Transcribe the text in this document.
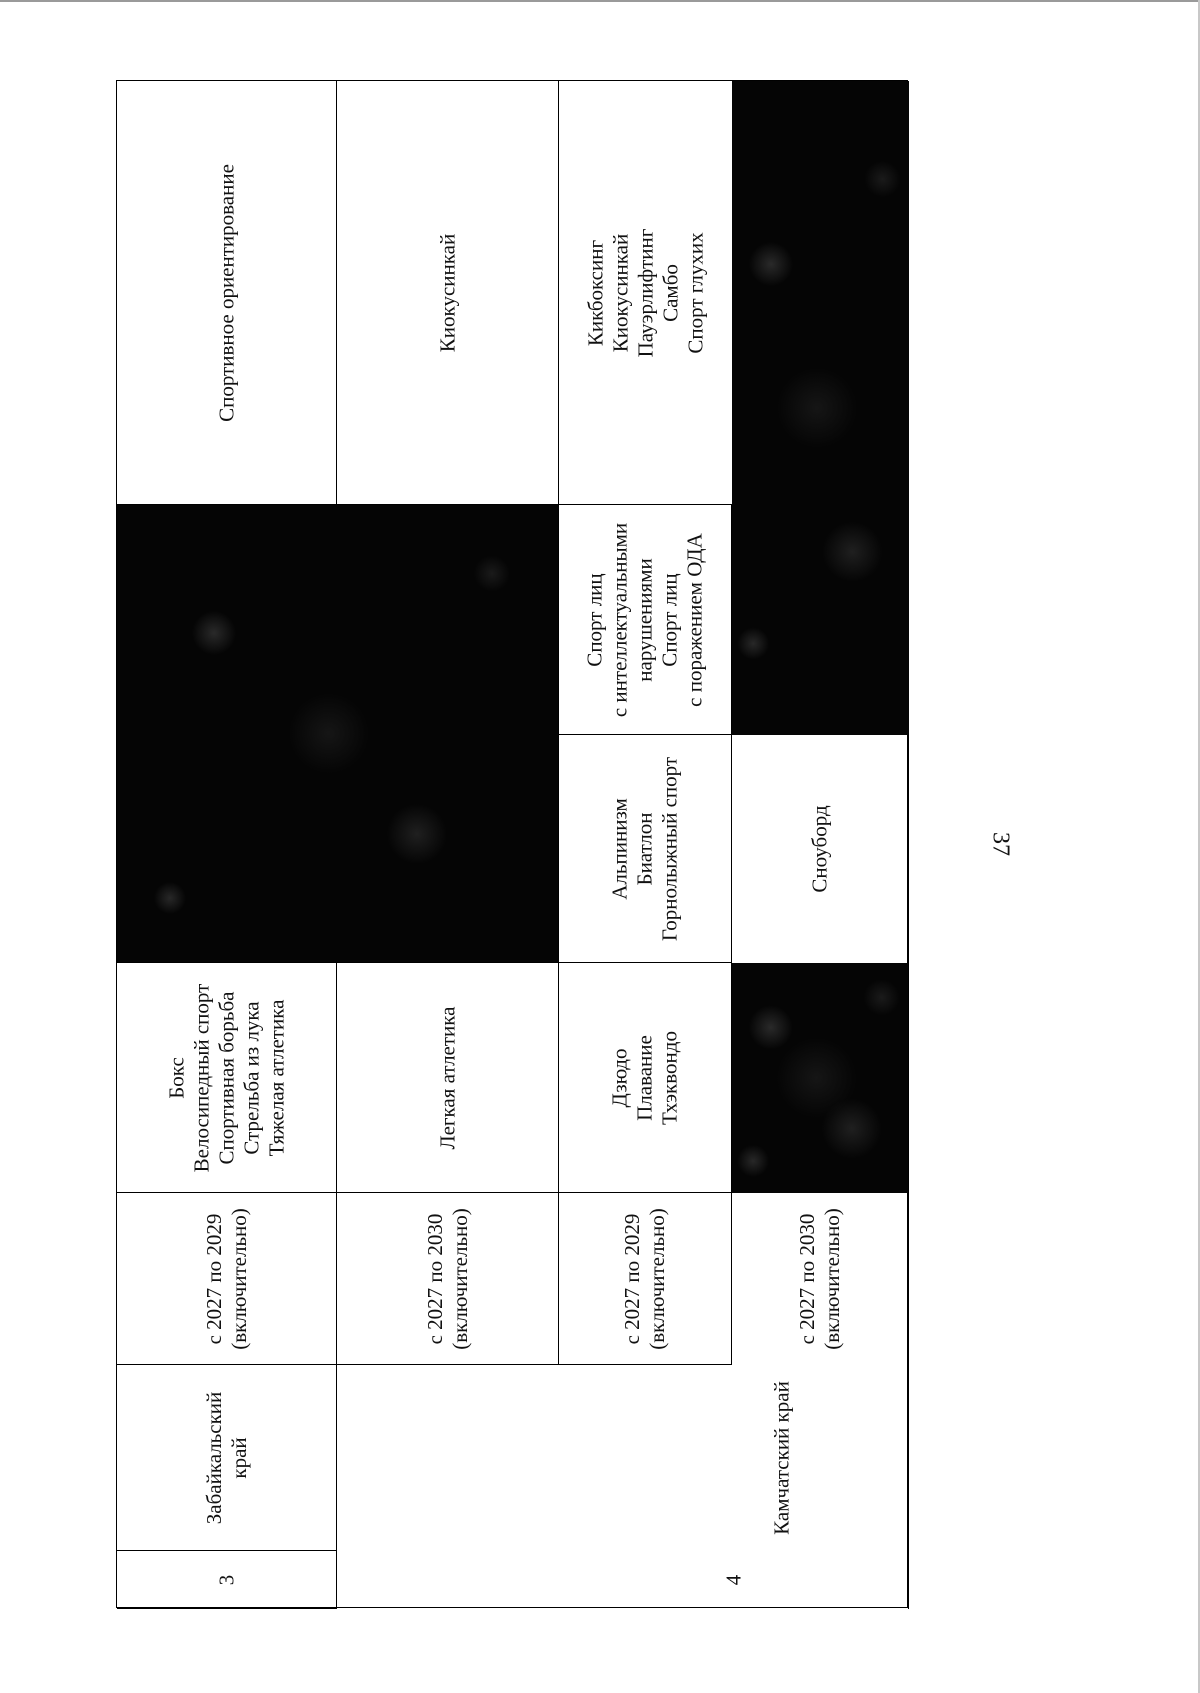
37
3
Забайкальский край
с 2027 по 2029 (включительно)
Бокс Велосипедный спорт Спортивная борьба Стрельба из лука Тяжелая атлетика
Спортивное ориентирование
с 2027 по 2030 (включительно)
Легкая атлетика
Киокусинкай
4
Камчатский край
с 2027 по 2029 (включительно)
Дзюдо Плавание Тхэквондо
Альпинизм Биатлон Горнолыжный спорт
Спорт лиц с интеллектуальными нарушениями Спорт лиц с поражением ОДА
Кикбоксинг Киокусинкай Пауэрлифтинг Самбо Спорт глухих
с 2027 по 2030 (включительно)
Сноуборд
